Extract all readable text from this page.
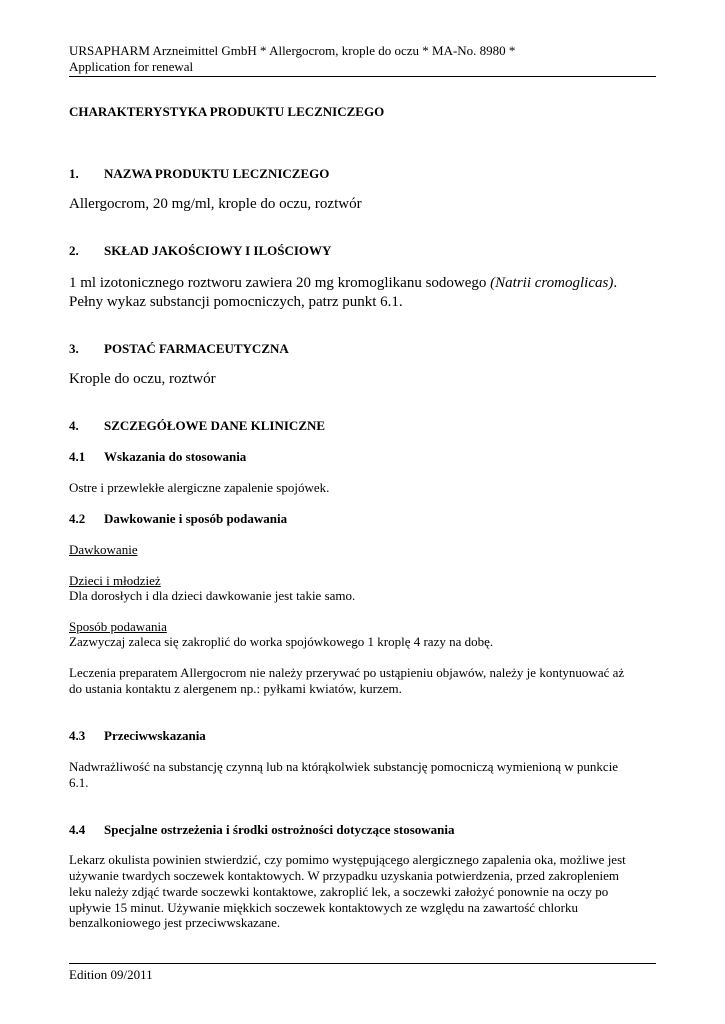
URSAPHARM Arzneimittel GmbH * Allergocrom, krople do oczu * MA-No. 8980 *
Application for renewal
CHARAKTERYSTYKA PRODUKTU LECZNICZEGO
1. NAZWA PRODUKTU LECZNICZEGO
Allergocrom, 20 mg/ml, krople do oczu, roztwór
2. SKŁAD JAKOŚCIOWY I ILOŚCIOWY
1 ml izotonicznego roztworu zawiera 20 mg kromoglikanu sodowego (Natrii cromoglicas).
Pełny wykaz substancji pomocniczych, patrz punkt 6.1.
3. POSTAĆ FARMACEUTYCZNA
Krople do oczu, roztwór
4. SZCZEGÓŁOWE DANE KLINICZNE
4.1 Wskazania do stosowania
Ostre i przewlekłe alergiczne zapalenie spojówek.
4.2 Dawkowanie i sposób podawania
Dawkowanie
Dzieci i młodzież
Dla dorosłych i dla dzieci dawkowanie jest takie samo.
Sposób podawania
Zazwyczaj zaleca się zakroplić do worka spojówkowego 1 kroplę 4 razy na dobę.
Leczenia preparatem Allergocrom nie należy przerywać po ustąpieniu objawów, należy je kontynuować aż
do ustania kontaktu z alergenem np.: pyłkami kwiatów, kurzem.
4.3 Przeciwwskazania
Nadwrażliwość na substancję czynną lub na którąkolwiek substancję pomocniczą wymienioną w punkcie
6.1.
4.4 Specjalne ostrzeżenia i środki ostrożności dotyczące stosowania
Lekarz okulista powinien stwierdzić, czy pomimo występującego alergicznego zapalenia oka, możliwe jest
używanie twardych soczewek kontaktowych. W przypadku uzyskania potwierdzenia, przed zakropleniem
leku należy zdjąć twarde soczewki kontaktowe, zakroplić lek, a soczewki założyć ponownie na oczy po
upływie 15 minut. Używanie miękkich soczewek kontaktowych ze względu na zawartość chlorku
benzalkoniowego jest przeciwwskazane.
Edition 09/2011
